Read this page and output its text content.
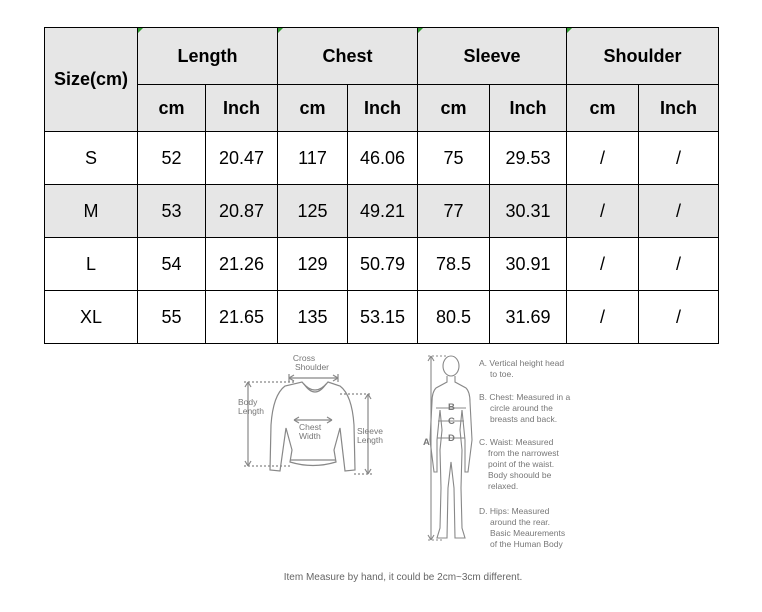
Size(cm)	Length		Chest		Sleeve		Shoulder	
	cm	Inch	cm	Inch	cm	Inch	cm	Inch
S	52	20.47	117	46.06	75	29.53	/	/
M	53	20.87	125	49.21	77	30.31	/	/
L	54	21.26	129	50.79	78.5	30.91	/	/
XL	55	21.65	135	53.15	80.5	31.69	/	/
Cross
Shoulder
Body
Length
Chest
Width	Sleeve
Length	A
B
C
D
A. Vertical height head
to toe.
B. Chest: Measured in a
circle around the
breasts and back.
C. Waist: Measured
from the narrowest
point of the waist.
Body shoould be
relaxed.
D. Hips: Measured
around the rear.
Basic Meaurements
of the Human Body
Item Measure by hand, it could be 2cm~3cm different.
